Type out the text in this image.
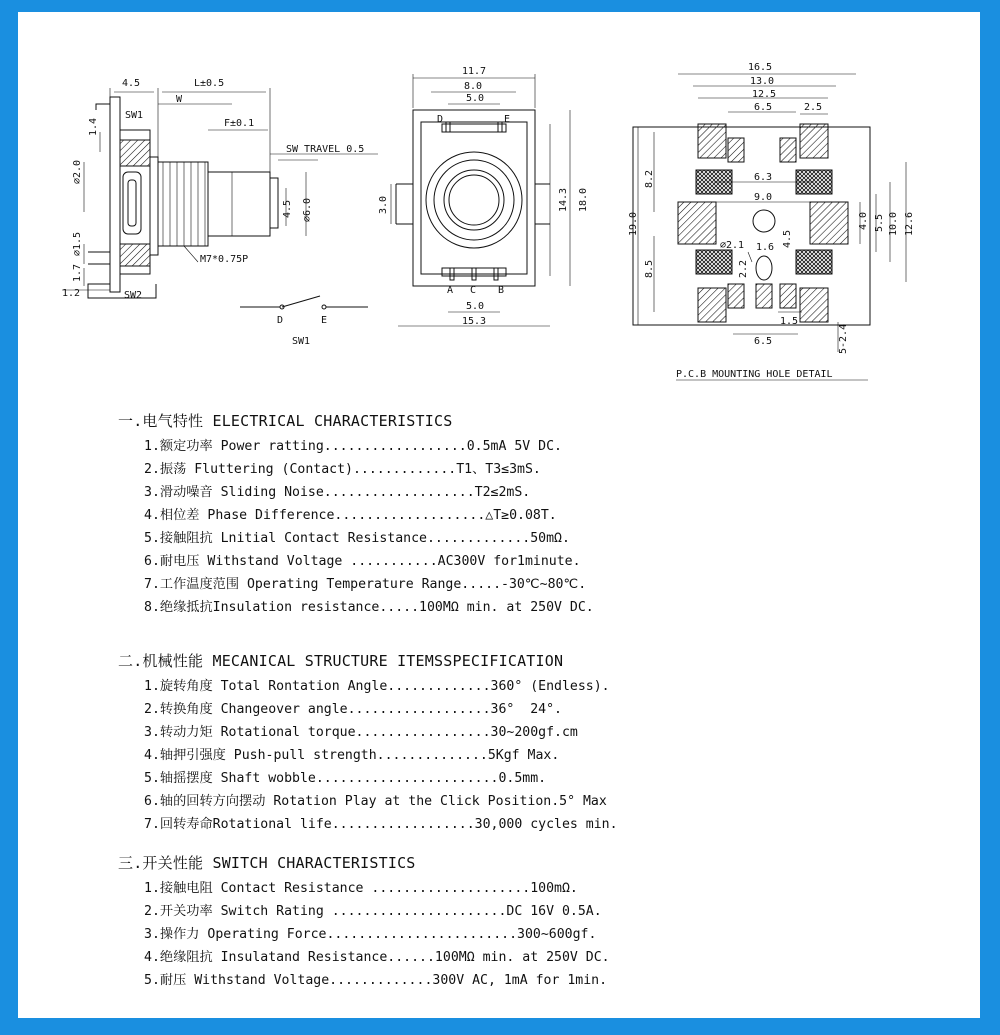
4.5	L±0.5
W
SW1
F±0.1
SW TRAVEL 0.5
1.4
⌀2.0
⌀1.5
1.7
4.5 ⌀6.0
M7*0.75P
1.2	SW2
D	E
SW1
11.7
8.0
5.0
D	E
3.0	14.3 18.0
A C B
5.0
15.3
16.5
13.0
12.5
6.5	2.5
8.2	6.3
19.0
9.0
4.0 5.5 10.0 12.6
⌀2.1 1.6 4.5
2.2
8.5
1.5
6.5	5-2.4
P.C.B MOUNTING HOLE DETAIL
一.电气特性 ELECTRICAL CHARACTERISTICS
1.额定功率 Power ratting..................0.5mA 5V DC.
2.振荡 Fluttering (Contact).............T1、T3≤3mS.
3.滑动噪音 Sliding Noise...................T2≤2mS.
4.相位差 Phase Difference...................△T≥0.08T.
5.接触阻抗 Lnitial Contact Resistance.............50mΩ.
6.耐电压 Withstand Voltage ...........AC300V for1minute.
7.工作温度范围 Operating Temperature Range.....-30℃~80℃.
8.绝缘抵抗Insulation resistance.....100MΩ min. at 250V DC.
二.机械性能 MECANICAL STRUCTURE ITEMSSPECIFICATION
1.旋转角度 Total Rontation Angle.............360° (Endless).
2.转换角度 Changeover angle..................36°  24°.
3.转动力矩 Rotational torque.................30~200gf.cm
4.轴押引强度 Push-pull strength..............5Kgf Max.
5.轴摇摆度 Shaft wobble.......................0.5mm.
6.轴的回转方向摆动 Rotation Play at the Click Position.5° Max
7.回转寿命Rotational life..................30,000 cycles min.
三.开关性能 SWITCH CHARACTERISTICS
1.接触电阻 Contact Resistance ....................100mΩ.
2.开关功率 Switch Rating ......................DC 16V 0.5A.
3.操作力 Operating Force........................300~600gf.
4.绝缘阻抗 Insulatand Resistance......100MΩ min. at 250V DC.
5.耐压 Withstand Voltage.............300V AC, 1mA for 1min.
